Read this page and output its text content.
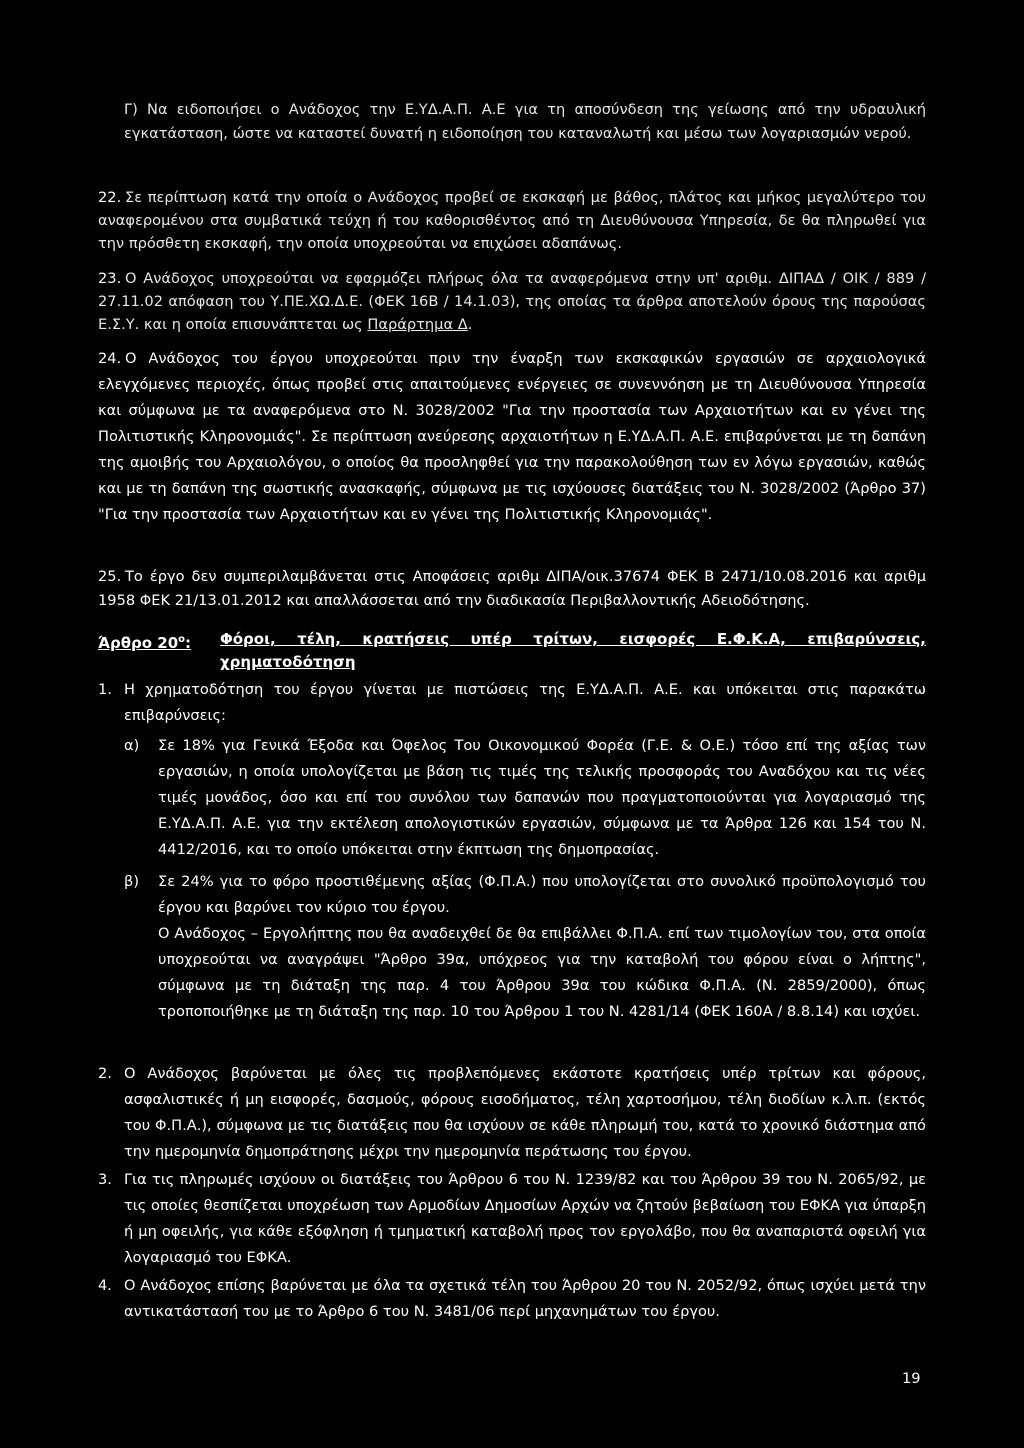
Γ) Να ειδοποιήσει ο Ανάδοχος την Ε.ΥΔ.Α.Π. Α.Ε για τη αποσύνδεση της γείωσης από την υδραυλική εγκατάσταση, ώστε να καταστεί δυνατή η ειδοποίηση του καταναλωτή και μέσω των λογαριασμών νερού.
22. Σε περίπτωση κατά την οποία ο Ανάδοχος προβεί σε εκσκαφή με βάθος, πλάτος και μήκος μεγαλύτερο του αναφερομένου στα συμβατικά τεύχη ή του καθορισθέντος από τη Διευθύνουσα Υπηρεσία, δε θα πληρωθεί για την πρόσθετη εκσκαφή, την οποία υποχρεούται να επιχώσει αδαπάνως.
23. Ο Ανάδοχος υποχρεούται να εφαρμόζει πλήρως όλα τα αναφερόμενα στην υπ' αριθμ. ΔΙΠΑΔ / ΟΙΚ / 889 / 27.11.02 απόφαση του Υ.ΠΕ.ΧΩ.Δ.Ε. (ΦΕΚ 16Β / 14.1.03), της οποίας τα άρθρα αποτελούν όρους της παρούσας Ε.Σ.Υ. και η οποία επισυνάπτεται ως Παράρτημα Δ.
Ο Ανάδοχος του έργου υποχρεούται πριν την έναρξη των εκσκαφικών εργασιών σε αρχαιολογικά ελεγχόμενες περιοχές, όπως προβεί στις απαιτούμενες ενέργειες σε συνεννόηση με τη Διευθύνουσα Υπηρεσία και σύμφωνα με τα αναφερόμενα στο Ν. 3028/2002 "Για την προστασία των Αρχαιοτήτων και εν γένει της Πολιτιστικής Κληρονομιάς". Σε περίπτωση ανεύρεσης αρχαιοτήτων η Ε.ΥΔ.Α.Π. Α.Ε. επιβαρύνεται με τη δαπάνη της αμοιβής του Αρχαιολόγου, ο οποίος θα προσληφθεί για την παρακολούθηση των εν λόγω εργασιών, καθώς και με τη δαπάνη της σωστικής ανασκαφής, σύμφωνα με τις ισχύουσες διατάξεις του Ν. 3028/2002 (Άρθρο 37) "Για την προστασία των Αρχαιοτήτων και εν γένει της Πολιτιστικής Κληρονομιάς".
24.
Το έργο δεν συμπεριλαμβάνεται στις Αποφάσεις αριθμ ΔΙΠΑ/οικ.37674 ΦΕΚ Β 2471/10.08.2016 και αριθμ 1958 ΦΕΚ 21/13.01.2012 και απαλλάσσεται από την διαδικασία Περιβαλλοντικής Αδειοδότησης.
25.
Άρθρο $20^o$: Φόροι, τέλη, κρατήσεις υπέρ τρίτων, εισφορές Ε.Φ.Κ.Α, επιβαρύνσεις,
χρηματοδότηση
1. Η χρηματοδότηση του έργου γίνεται με πιστώσεις της Ε.ΥΔ.Α.Π. Α.Ε. και υπόκειται στις παρακάτω επιβαρύνσεις:
α) Σε 18% για Γενικά Έξοδα και Όφελος Του Οικονομικού Φορέα (Γ.Ε. & Ο.Ε.) τόσο επί της αξίας των εργασιών, η οποία υπολογίζεται με βάση τις τιμές της τελικής προσφοράς του Αναδόχου και τις νέες τιμές μονάδος, όσο και επί του συνόλου των δαπανών που πραγματοποιούνται για λογαριασμό της Ε.ΥΔ.Α.Π. Α.Ε. για την εκτέλεση απολογιστικών εργασιών, σύμφωνα με τα Άρθρα 126 και 154 του Ν. 4412/2016, και το οποίο υπόκειται στην έκπτωση της δημοπρασίας.
β) Σε 24% για το φόρο προστιθέμενης αξίας (Φ.Π.Α.) που υπολογίζεται στο συνολικό προϋπολογισμό του έργου και βαρύνει τον κύριο του έργου.
Ο Ανάδοχος – Εργολήπτης που θα αναδειχθεί δε θα επιβάλλει Φ.Π.Α. επί των τιμολογίων του, στα οποία υποχρεούται να αναγράψει "Άρθρο 39α, υπόχρεος για την καταβολή του φόρου είναι ο λήπτης", σύμφωνα με τη διάταξη της παρ. 4 του Άρθρου 39α του κώδικα Φ.Π.Α. (Ν. 2859/2000), όπως τροποποιήθηκε με τη διάταξη της παρ. 10 του Άρθρου 1 του Ν. 4281/14 (ΦΕΚ 160Α / 8.8.14) και ισχύει.
2. Ο Ανάδοχος βαρύνεται με όλες τις προβλεπόμενες εκάστοτε κρατήσεις υπέρ τρίτων και φόρους, ασφαλιστικές ή μη εισφορές, δασμούς, φόρους εισοδήματος, τέλη χαρτοσήμου, τέλη διοδίων κ.λ.π. (εκτός του Φ.Π.Α.), σύμφωνα με τις διατάξεις που θα ισχύουν σε κάθε πληρωμή του, κατά το χρονικό διάστημα από την ημερομηνία δημοπράτησης μέχρι την ημερομηνία περάτωσης του έργου.
3. Για τις πληρωμές ισχύουν οι διατάξεις του Άρθρου 6 του Ν. 1239/82 και του Άρθρου 39 του Ν. 2065/92, με τις οποίες θεσπίζεται υποχρέωση των Αρμοδίων Δημοσίων Αρχών να ζητούν βεβαίωση του ΕΦΚΑ για ύπαρξη ή μη οφειλής, για κάθε εξόφληση ή τμηματική καταβολή προς τον εργολάβο, που θα αναπαριστά οφειλή για λογαριασμό του ΕΦΚΑ.
4. Ο Ανάδοχος επίσης βαρύνεται με όλα τα σχετικά τέλη του Άρθρου 20 του Ν. 2052/92, όπως ισχύει μετά την αντικατάστασή του με το Άρθρο 6 του Ν. 3481/06 περί μηχανημάτων του έργου.
19
